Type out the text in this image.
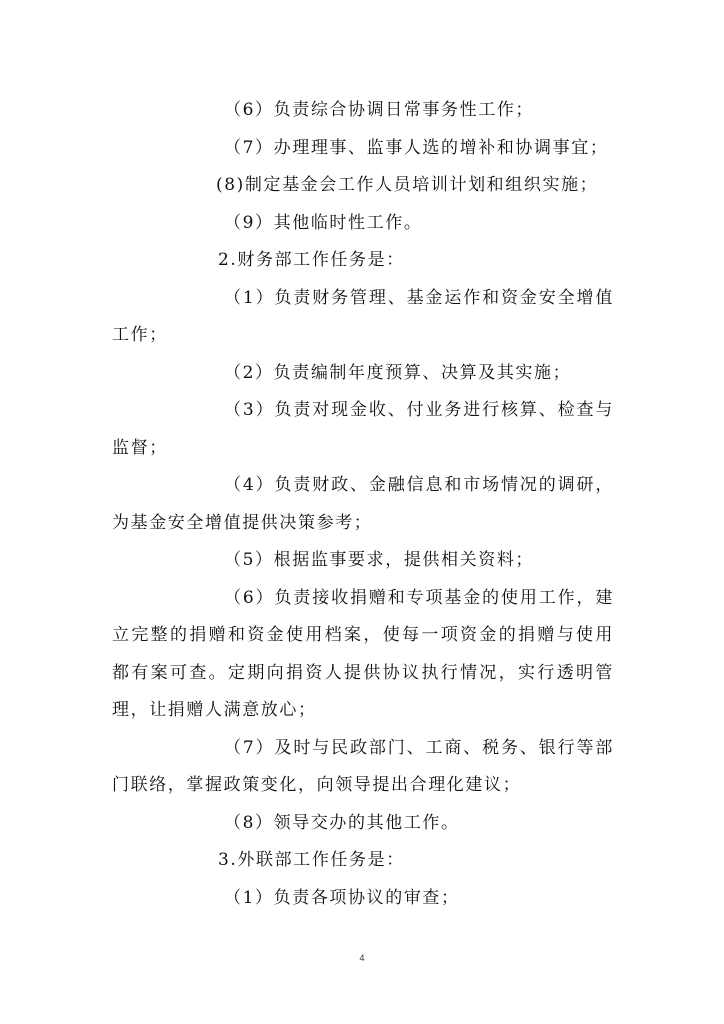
（6）负责综合协调日常事务性工作；
（7）办理理事、监事人选的增补和协调事宜；
(8)制定基金会工作人员培训计划和组织实施；
（9）其他临时性工作。
2.财务部工作任务是：
（1）负责财务管理、基金运作和资金安全增值
工作；
（2）负责编制年度预算、决算及其实施；
（3）负责对现金收、付业务进行核算、检查与
监督；
（4）负责财政、金融信息和市场情况的调研，
为基金安全增值提供决策参考；
（5）根据监事要求，提供相关资料；
（6）负责接收捐赠和专项基金的使用工作，建
立完整的捐赠和资金使用档案，使每一项资金的捐赠与使用
都有案可查。定期向捐资人提供协议执行情况，实行透明管
理，让捐赠人满意放心；
（7）及时与民政部门、工商、税务、银行等部
门联络，掌握政策变化，向领导提出合理化建议；
（8）领导交办的其他工作。
3.外联部工作任务是：
（1）负责各项协议的审查；
4
